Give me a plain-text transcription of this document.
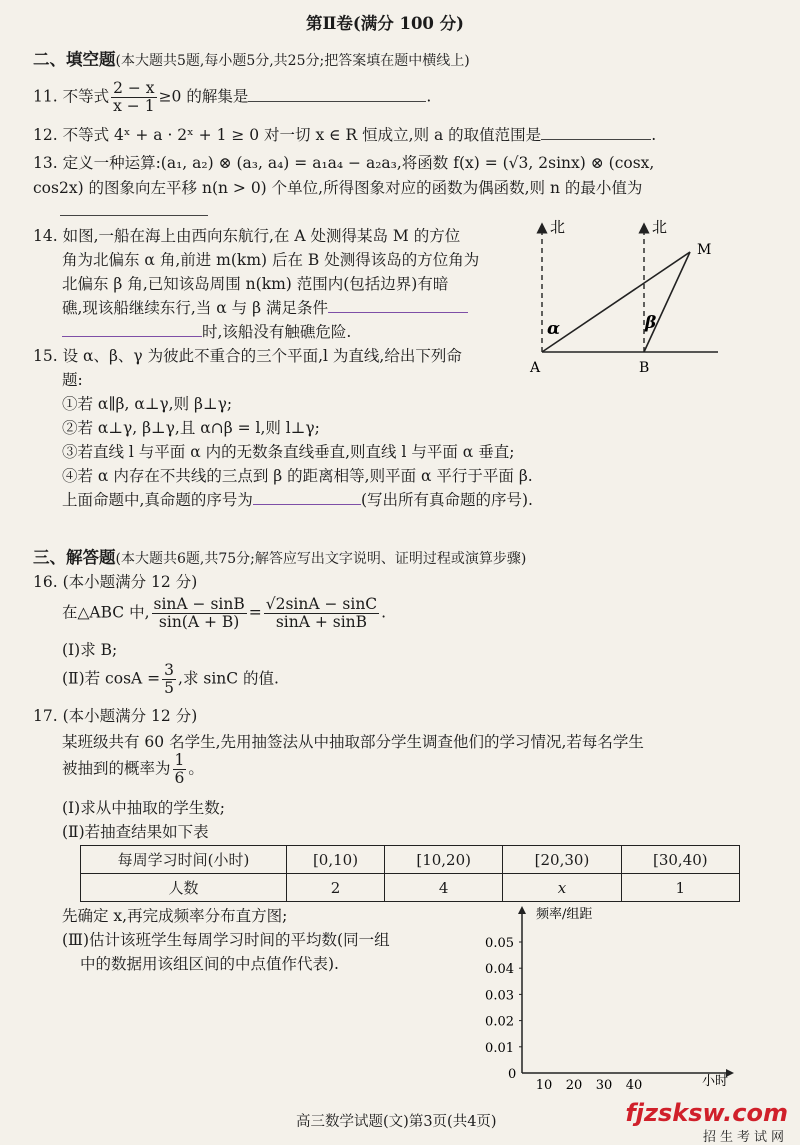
第Ⅱ卷(满分 100 分)
二、填空题(本大题共5题,每小题5分,共25分;把答案填在题中横线上)
11. 不等式 $\frac{2 - x}{x - 1} \ge 0$ 的解集是	.
12. 不等式 4ˣ + a · 2ˣ + 1 ≥ 0 对一切 x ∈ R 恒成立,则 a 的取值范围是	.
13. 定义一种运算:(a₁, a₂) ⊗ (a₃, a₄) = a₁a₄ − a₂a₃,将函数 f(x) = (√3, 2sinx) ⊗ (cosx,
cos2x) 的图象向左平移 n(n > 0) 个单位,所得图象对应的函数为偶函数,则 n 的最小值为
14. 如图,一船在海上由西向东航行,在 A 处测得某岛 M 的方位
角为北偏东 α 角,前进 m(km) 后在 B 处测得该岛的方位角为
北偏东 β 角,已知该岛周围 n(km) 范围内(包括边界)有暗
礁,现该船继续东行,当 α 与 β 满足条件
时,该船没有触礁危险.
北	北
M
A	B
α	β
15. 设 α、β、γ 为彼此不重合的三个平面,l 为直线,给出下列命
题:
①若 α∥β, α⊥γ,则 β⊥γ;
②若 α⊥γ, β⊥γ,且 α∩β = l,则 l⊥γ;
③若直线 l 与平面 α 内的无数条直线垂直,则直线 l 与平面 α 垂直;
④若 α 内存在不共线的三点到 β 的距离相等,则平面 α 平行于平面 β.
上面命题中,真命题的序号为	(写出所有真命题的序号).
三、解答题(本大题共6题,共75分;解答应写出文字说明、证明过程或演算步骤)
16. (本小题满分 12 分)
在△ABC 中, $\frac{\sin A - \sin B}{\sin(A + B)} = \frac{√2\sin A - \sin C}{\sin A + \sin B}$ .
(Ⅰ)求 B;
(Ⅱ)若 $\cos A = \frac{3}{5}$ ,求 sinC 的值.
17. (本小题满分 12 分)
某班级共有 60 名学生,先用抽签法从中抽取部分学生调查他们的学习情况,若每名学生
被抽到的概率为 $\frac{1}{6}$ 。
(Ⅰ)求从中抽取的学生数;
(Ⅱ)若抽查结果如下表
每周学习时间(小时)	[0,10)	[10,20)	[20,30)	[30,40)
人数	2	4	x	1
先确定 x,再完成频率分布直方图;
(Ⅲ)估计该班学生每周学习时间的平均数(同一组
中的数据用该组区间的中点值作代表).
频率/组距
小时
0
0.05
0.04
0.03
0.02
0.01
10 20 30 40
高三数学试题(文)第3页(共4页)	fjzsksw.com
招生考试网
